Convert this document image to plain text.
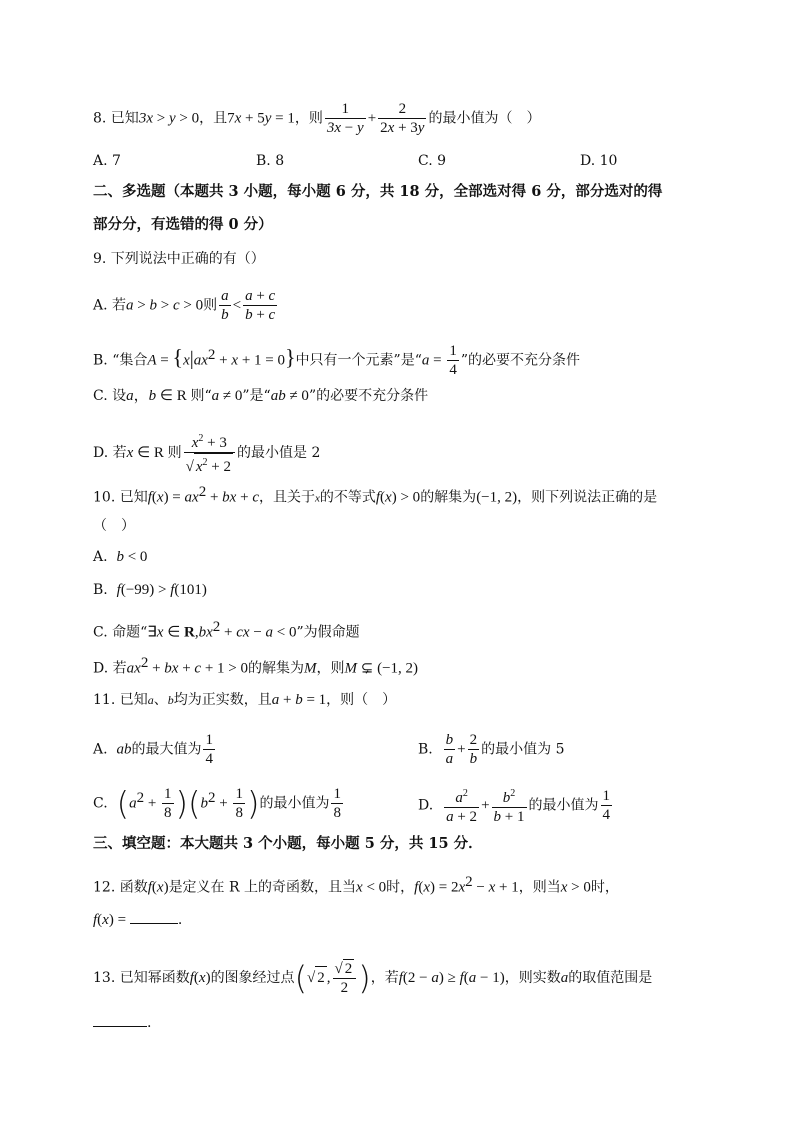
8. 已知3x > y > 0，且7x + 5y = 1，则 $\frac{1}{3x - y} + \frac{2}{2x + 3y}$ 的最小值为（　）
A. 7	B. 8	C. 9	D. 10
二、多选题（本题共 3 小题，每小题 6 分，共 18 分，全部选对得 6 分，部分选对的得
部分分，有选错的得 0 分）
9. 下列说法中正确的有（）
A. 若a > b > c > 0则 $\frac{a}{b} < \frac{a + c}{b + c}$
B. “集合$A = \{x|ax^2 + x + 1 = 0\}$中只有一个元素”是“$a = \frac{1}{4}$ ”的必要不充分条件
C. 设a，b ∈ R 则“a ≠ 0”是“ab ≠ 0”的必要不充分条件
D. 若x ∈ R 则 $\frac{x^2 + 3}{√ x^2 + 2}$ 的最小值是 2
10. 已知$f(x) = ax^2$ + bx + c，且关于x的不等式f(x) > 0的解集为(−1, 2)，则下列说法正确的是
（　）
A. b < 0
B. f(−99) > f(101)
C. 命题“∃x ∈ $R,bx^2$ + cx − a < 0”为假命题
D. 若$ax^2$ + bx + c + 1 > 0的解集为M，则M ⊊ (−1, 2)
11. 已知a、b均为正实数，且a + b = 1，则（　）
A. ab的最大值为 $\frac{1}{4}$	B. $\frac{b}{a} + \frac{2}{b}$ 的最小值为 5
C. $(a^2 + \frac{1}{8} )(b^2 + \frac{1}{8}$ )的最小值为 $\frac{1}{8}$	D. $\frac{a^2}{a + 2} + \frac{b^2}{b + 1}$ 的最小值为 $\frac{1}{4}$
三、填空题：本大题共 3 个小题，每小题 5 分，共 15 分．
12. 函数f(x)是定义在 R 上的奇函数，且当x < 0时，$f(x) = 2x^2 - x + 1$，则当x > 0时，
f(x) =	.
13. 已知幂函数f(x)的图象经过点(√ 2 , $\frac{√ 2}{2}$ )，若f(2 − a) ≥ f(a − 1)，则实数a的取值范围是
.
